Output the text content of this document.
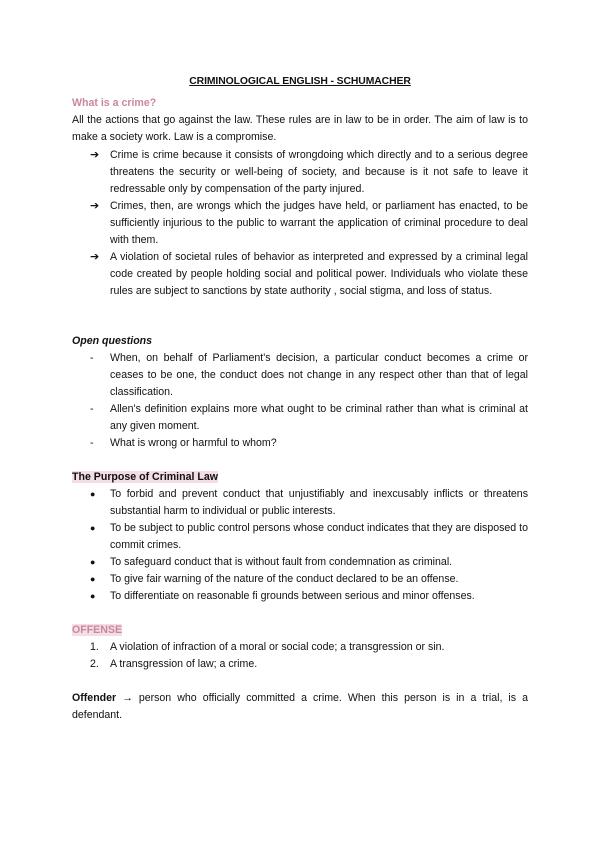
CRIMINOLOGICAL ENGLISH - SCHUMACHER
What is a crime?

All the actions that go against the law. These rules are in law to be in order. The aim of law is to make a society work. Law is a compromise.

➔	Crime is crime because it consists of wrongdoing which directly and to a serious degree threatens the security or well-being of society, and because is it not safe to leave it redressable only by compensation of the party injured.
➔	Crimes, then, are wrongs which the judges have held, or parliament has enacted, to be sufficiently injurious to the public to warrant the application of criminal procedure to deal with them.
➔	A violation of societal rules of behavior as interpreted and expressed by a criminal legal code created by people holding social and political power. Individuals who violate these rules are subject to sanctions by state authority , social stigma, and loss of status.
Open questions
-	When, on behalf of Parliament's decision, a particular conduct becomes a crime or ceases to be one, the conduct does not change in any respect other than that of legal classification.
-	Allen's definition explains more what ought to be criminal rather than what is criminal at any given moment.
-	What is wrong or harmful to whom?
The Purpose of Criminal Law
●	To forbid and prevent conduct that unjustifiably and inexcusably inflicts or threatens substantial harm to individual or public interests.
●	To be subject to public control persons whose conduct indicates that they are disposed to commit crimes.
●	To safeguard conduct that is without fault from condemnation as criminal.
●	To give fair warning of the nature of the conduct declared to be an offense.
●	To differentiate on reasonable fi grounds between serious and minor offenses.
OFFENSE
1.	A violation of infraction of a moral or social code; a transgression or sin.
2.	A transgression of law; a crime.
Offender → person who officially committed a crime. When this person is in a trial, is a defendant.
